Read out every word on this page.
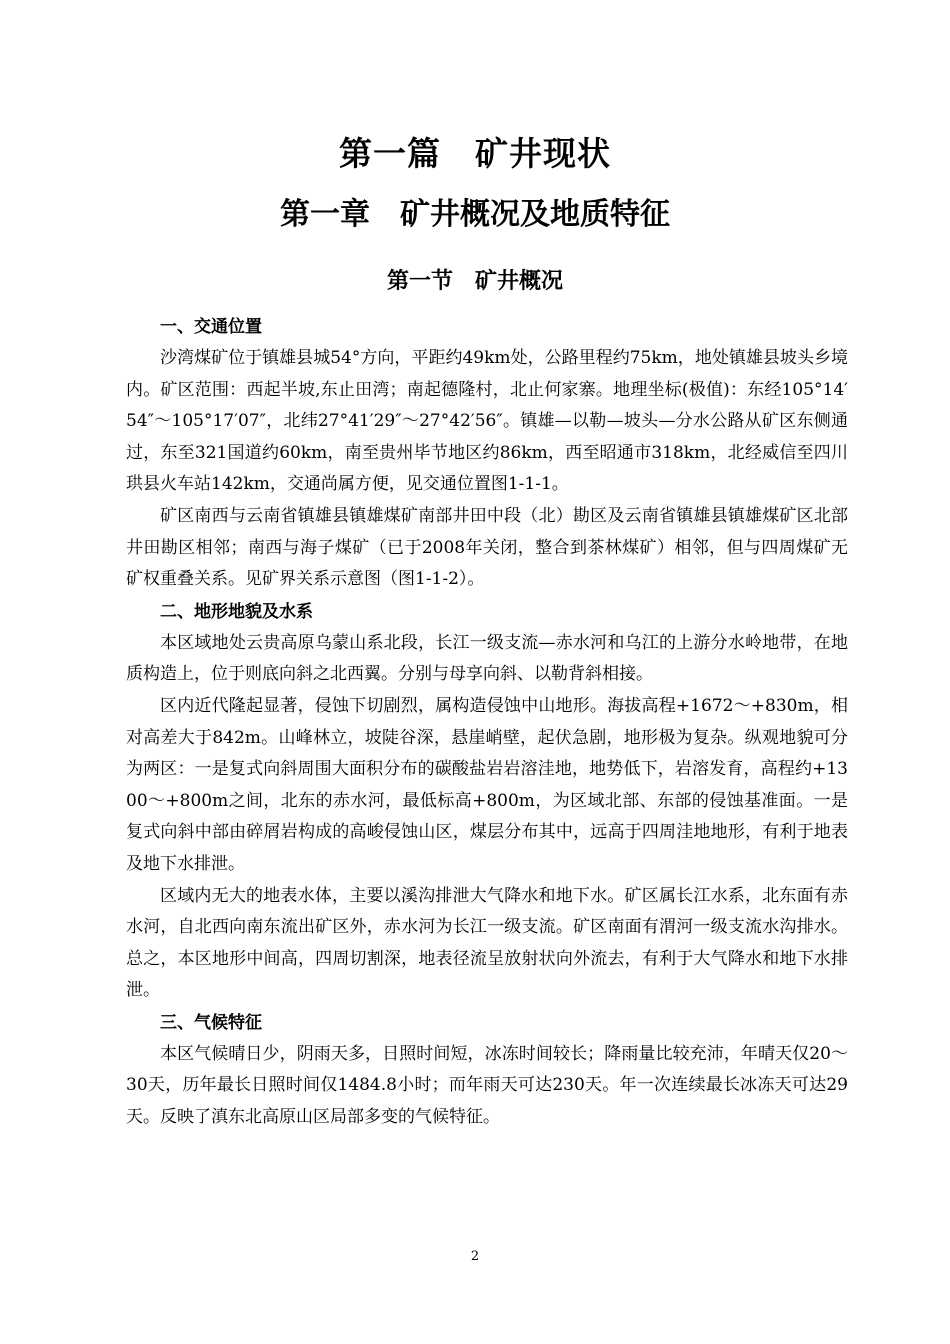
第一篇　矿井现状
第一章　矿井概况及地质特征
第一节　矿井概况

一、交通位置

沙湾煤矿位于镇雄县城54°方向，平距约49km处，公路里程约75km，地处镇雄县坡头乡境内。矿区范围：西起半坡,东止田湾；南起德隆村，北止何家寨。地理坐标(极值)：东经105°14′54″～105°17′07″，北纬27°41′29″～27°42′56″。镇雄—以勒—坡头—分水公路从矿区东侧通过，东至321国道约60km，南至贵州毕节地区约86km，西至昭通市318km，北经威信至四川珙县火车站142km，交通尚属方便，见交通位置图1-1-1。

矿区南西与云南省镇雄县镇雄煤矿南部井田中段（北）勘区及云南省镇雄县镇雄煤矿区北部井田勘区相邻；南西与海子煤矿（已于2008年关闭，整合到茶林煤矿）相邻，但与四周煤矿无矿权重叠关系。见矿界关系示意图（图1-1-2）。

二、地形地貌及水系

本区域地处云贵高原乌蒙山系北段，长江一级支流—赤水河和乌江的上游分水岭地带，在地质构造上，位于则底向斜之北西翼。分别与母享向斜、以勒背斜相接。

区内近代隆起显著，侵蚀下切剧烈，属构造侵蚀中山地形。海拔高程+1672～+830m，相对高差大于842m。山峰林立，坡陡谷深，悬崖峭壁，起伏急剧，地形极为复杂。纵观地貌可分为两区：一是复式向斜周围大面积分布的碳酸盐岩岩溶洼地，地势低下，岩溶发育，高程约+1300～+800m之间，北东的赤水河，最低标高+800m，为区域北部、东部的侵蚀基准面。一是复式向斜中部由碎屑岩构成的高峻侵蚀山区，煤层分布其中，远高于四周洼地地形，有利于地表及地下水排泄。

区域内无大的地表水体，主要以溪沟排泄大气降水和地下水。矿区属长江水系，北东面有赤水河，自北西向南东流出矿区外，赤水河为长江一级支流。矿区南面有渭河一级支流水沟排水。总之，本区地形中间高，四周切割深，地表径流呈放射状向外流去，有利于大气降水和地下水排泄。

三、气候特征

本区气候晴日少，阴雨天多，日照时间短，冰冻时间较长；降雨量比较充沛，年晴天仅20～30天，历年最长日照时间仅1484.8小时；而年雨天可达230天。年一次连续最长冰冻天可达29天。反映了滇东北高原山区局部多变的气候特征。

2
